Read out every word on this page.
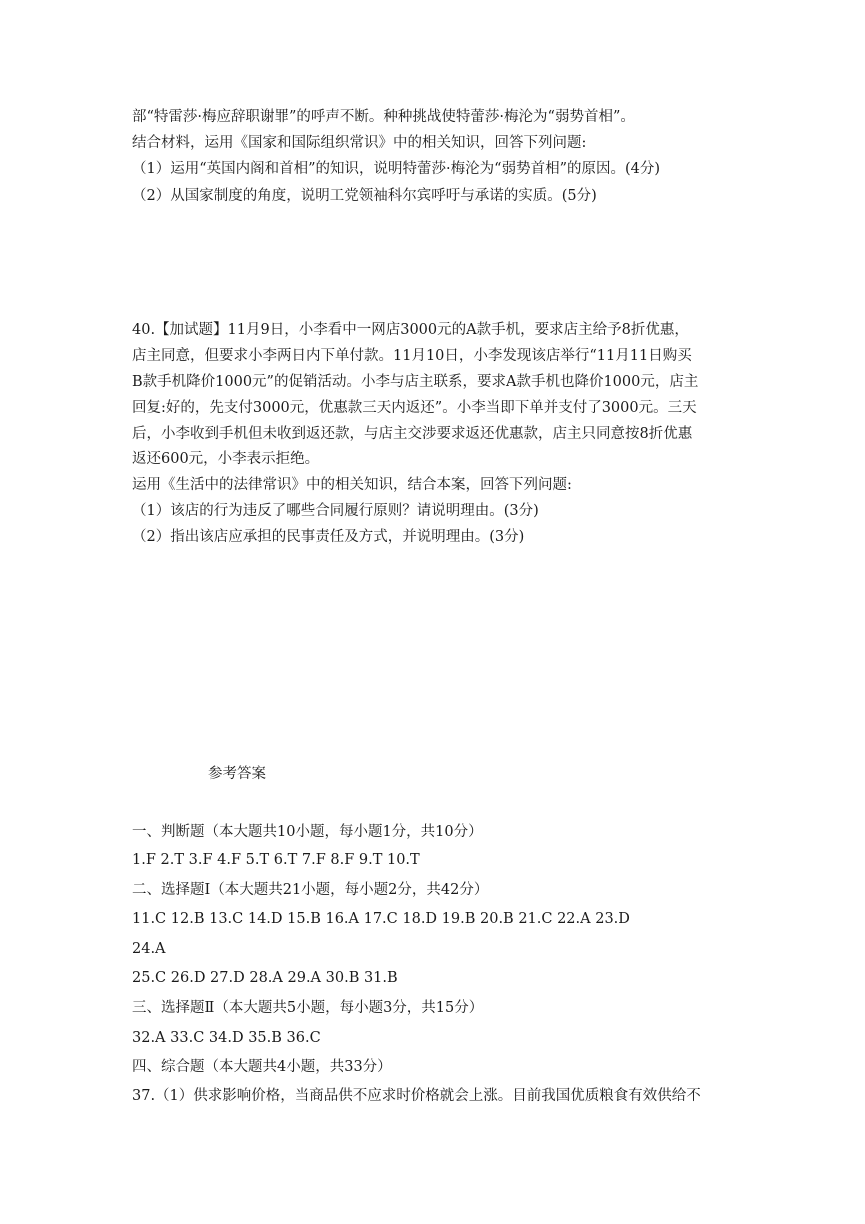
部“特雷莎·梅应辞职谢罪”的呼声不断。种种挑战使特蕾莎·梅沦为“弱势首相”。
结合材料，运用《国家和国际组织常识》中的相关知识，回答下列问题:
（1）运用“英国内阁和首相”的知识，说明特蕾莎·梅沦为“弱势首相”的原因。(4分)
（2）从国家制度的角度，说明工党领袖科尔宾呼吁与承诺的实质。(5分)
40.【加试题】11月9日，小李看中一网店3000元的A款手机，要求店主给予8折优惠，
店主同意，但要求小李两日内下单付款。11月10日，小李发现该店举行“11月11日购买
B款手机降价1000元”的促销活动。小李与店主联系，要求A款手机也降价1000元，店主
回复:好的，先支付3000元，优惠款三天内返还”。小李当即下单并支付了3000元。三天
后，小李收到手机但未收到返还款，与店主交涉要求返还优惠款，店主只同意按8折优惠
返还600元，小李表示拒绝。
运用《生活中的法律常识》中的相关知识，结合本案，回答下列问题:
（1）该店的行为违反了哪些合同履行原则？请说明理由。(3分)
（2）指出该店应承担的民事责任及方式，并说明理由。(3分)
参考答案
一、判断题（本大题共10小题，每小题1分，共10分）
1.F 2.T 3.F 4.F 5.T 6.T 7.F 8.F 9.T 10.T
二、选择题Ⅰ（本大题共21小题，每小题2分，共42分）
11.C 12.B 13.C 14.D 15.B 16.A 17.C 18.D 19.B 20.B 21.C 22.A 23.D
24.A
25.C 26.D 27.D 28.A 29.A 30.B 31.B
三、选择题Ⅱ（本大题共5小题，每小题3分，共15分）
32.A 33.C 34.D 35.B 36.C
四、综合题（本大题共4小题，共33分）
37.（1）供求影响价格，当商品供不应求时价格就会上涨。目前我国优质粮食有效供给不
